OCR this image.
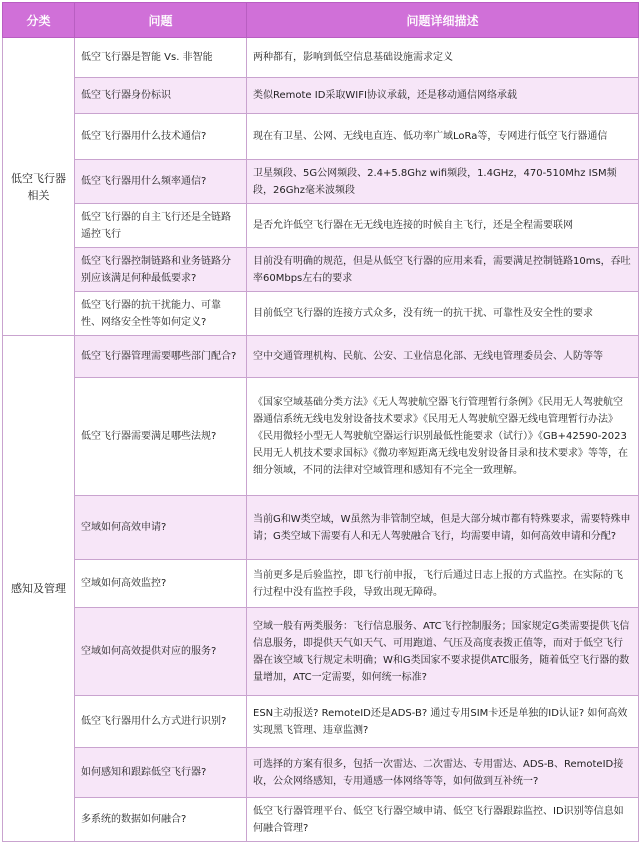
分类	问题	问题详细描述
低空飞行器相关	低空飞行器是智能 Vs. 非智能	两种都有，影响到低空信息基础设施需求定义
	低空飞行器身份标识	类似Remote ID采取WIFI协议承载，还是移动通信网络承载
	低空飞行器用什么技术通信?	现在有卫星、公网、无线电直连、低功率广域LoRa等，专网进行低空飞行器通信
	低空飞行器用什么频率通信?	卫星频段、5G公网频段、2.4+5.8Ghz wifi频段，1.4GHz，470-510Mhz ISM频段，26Ghz毫米波频段
	低空飞行器的自主飞行还是全链路遥控飞行	是否允许低空飞行器在无无线电连接的时候自主飞行，还是全程需要联网
	低空飞行器控制链路和业务链路分别应该满足何种最低要求?	目前没有明确的规范，但是从低空飞行器的应用来看，需要满足控制链路10ms，吞吐率60Mbps左右的要求
	低空飞行器的抗干扰能力、可靠性、网络安全性等如何定义?	目前低空飞行器的连接方式众多，没有统一的抗干扰、可靠性及安全性的要求
感知及管理	低空飞行器管理需要哪些部门配合?	空中交通管理机构、民航、公安、工业信息化部、无线电管理委员会、人防等等
	低空飞行器需要满足哪些法规?	《国家空域基础分类方法》《无人驾驶航空器飞行管理暂行条例》《民用无人驾驶航空器通信系统无线电发射设备技术要求》《民用无人驾驶航空器无线电管理暂行办法》《民用微轻小型无人驾驶航空器运行识别最低性能要求（试行）》《GB+42590-2023民用无人机技术要求国标》《微功率短距离无线电发射设备目录和技术要求》等等，在细分领域，不同的法律对空域管理和感知有不完全一致理解。
	空域如何高效申请?	当前G和W类空域，W虽然为非管制空域，但是大部分城市都有特殊要求，需要特殊申请；G类空域下需要有人和无人驾驶融合飞行，均需要申请，如何高效申请和分配?
	空域如何高效监控?	当前更多是后验监控，即飞行前申报，飞行后通过日志上报的方式监控。在实际的飞行过程中没有监控手段，导致出现无障碍。
	空域如何高效提供对应的服务?	空域一般有两类服务：飞行信息服务、ATC飞行控制服务；国家规定G类需要提供飞信信息服务，即提供天气如天气、可用跑道、气压及高度表拨正值等，而对于低空飞行器在该空域飞行规定未明确；W和G类国家不要求提供ATC服务，随着低空飞行器的数量增加，ATC一定需要，如何统一标准?
	低空飞行器用什么方式进行识别?	ESN主动报送? RemoteID还是ADS-B? 通过专用SIM卡还是单独的ID认证? 如何高效实现黑飞管理、违章监测?
	如何感知和跟踪低空飞行器?	可选择的方案有很多，包括一次雷达、二次雷达、专用雷达、ADS-B、RemoteID接收，公众网络感知，专用通感一体网络等等，如何做到互补统一?
	多系统的数据如何融合?	低空飞行器管理平台、低空飞行器空域申请、低空飞行器跟踪监控、ID识别等信息如何融合管理?
